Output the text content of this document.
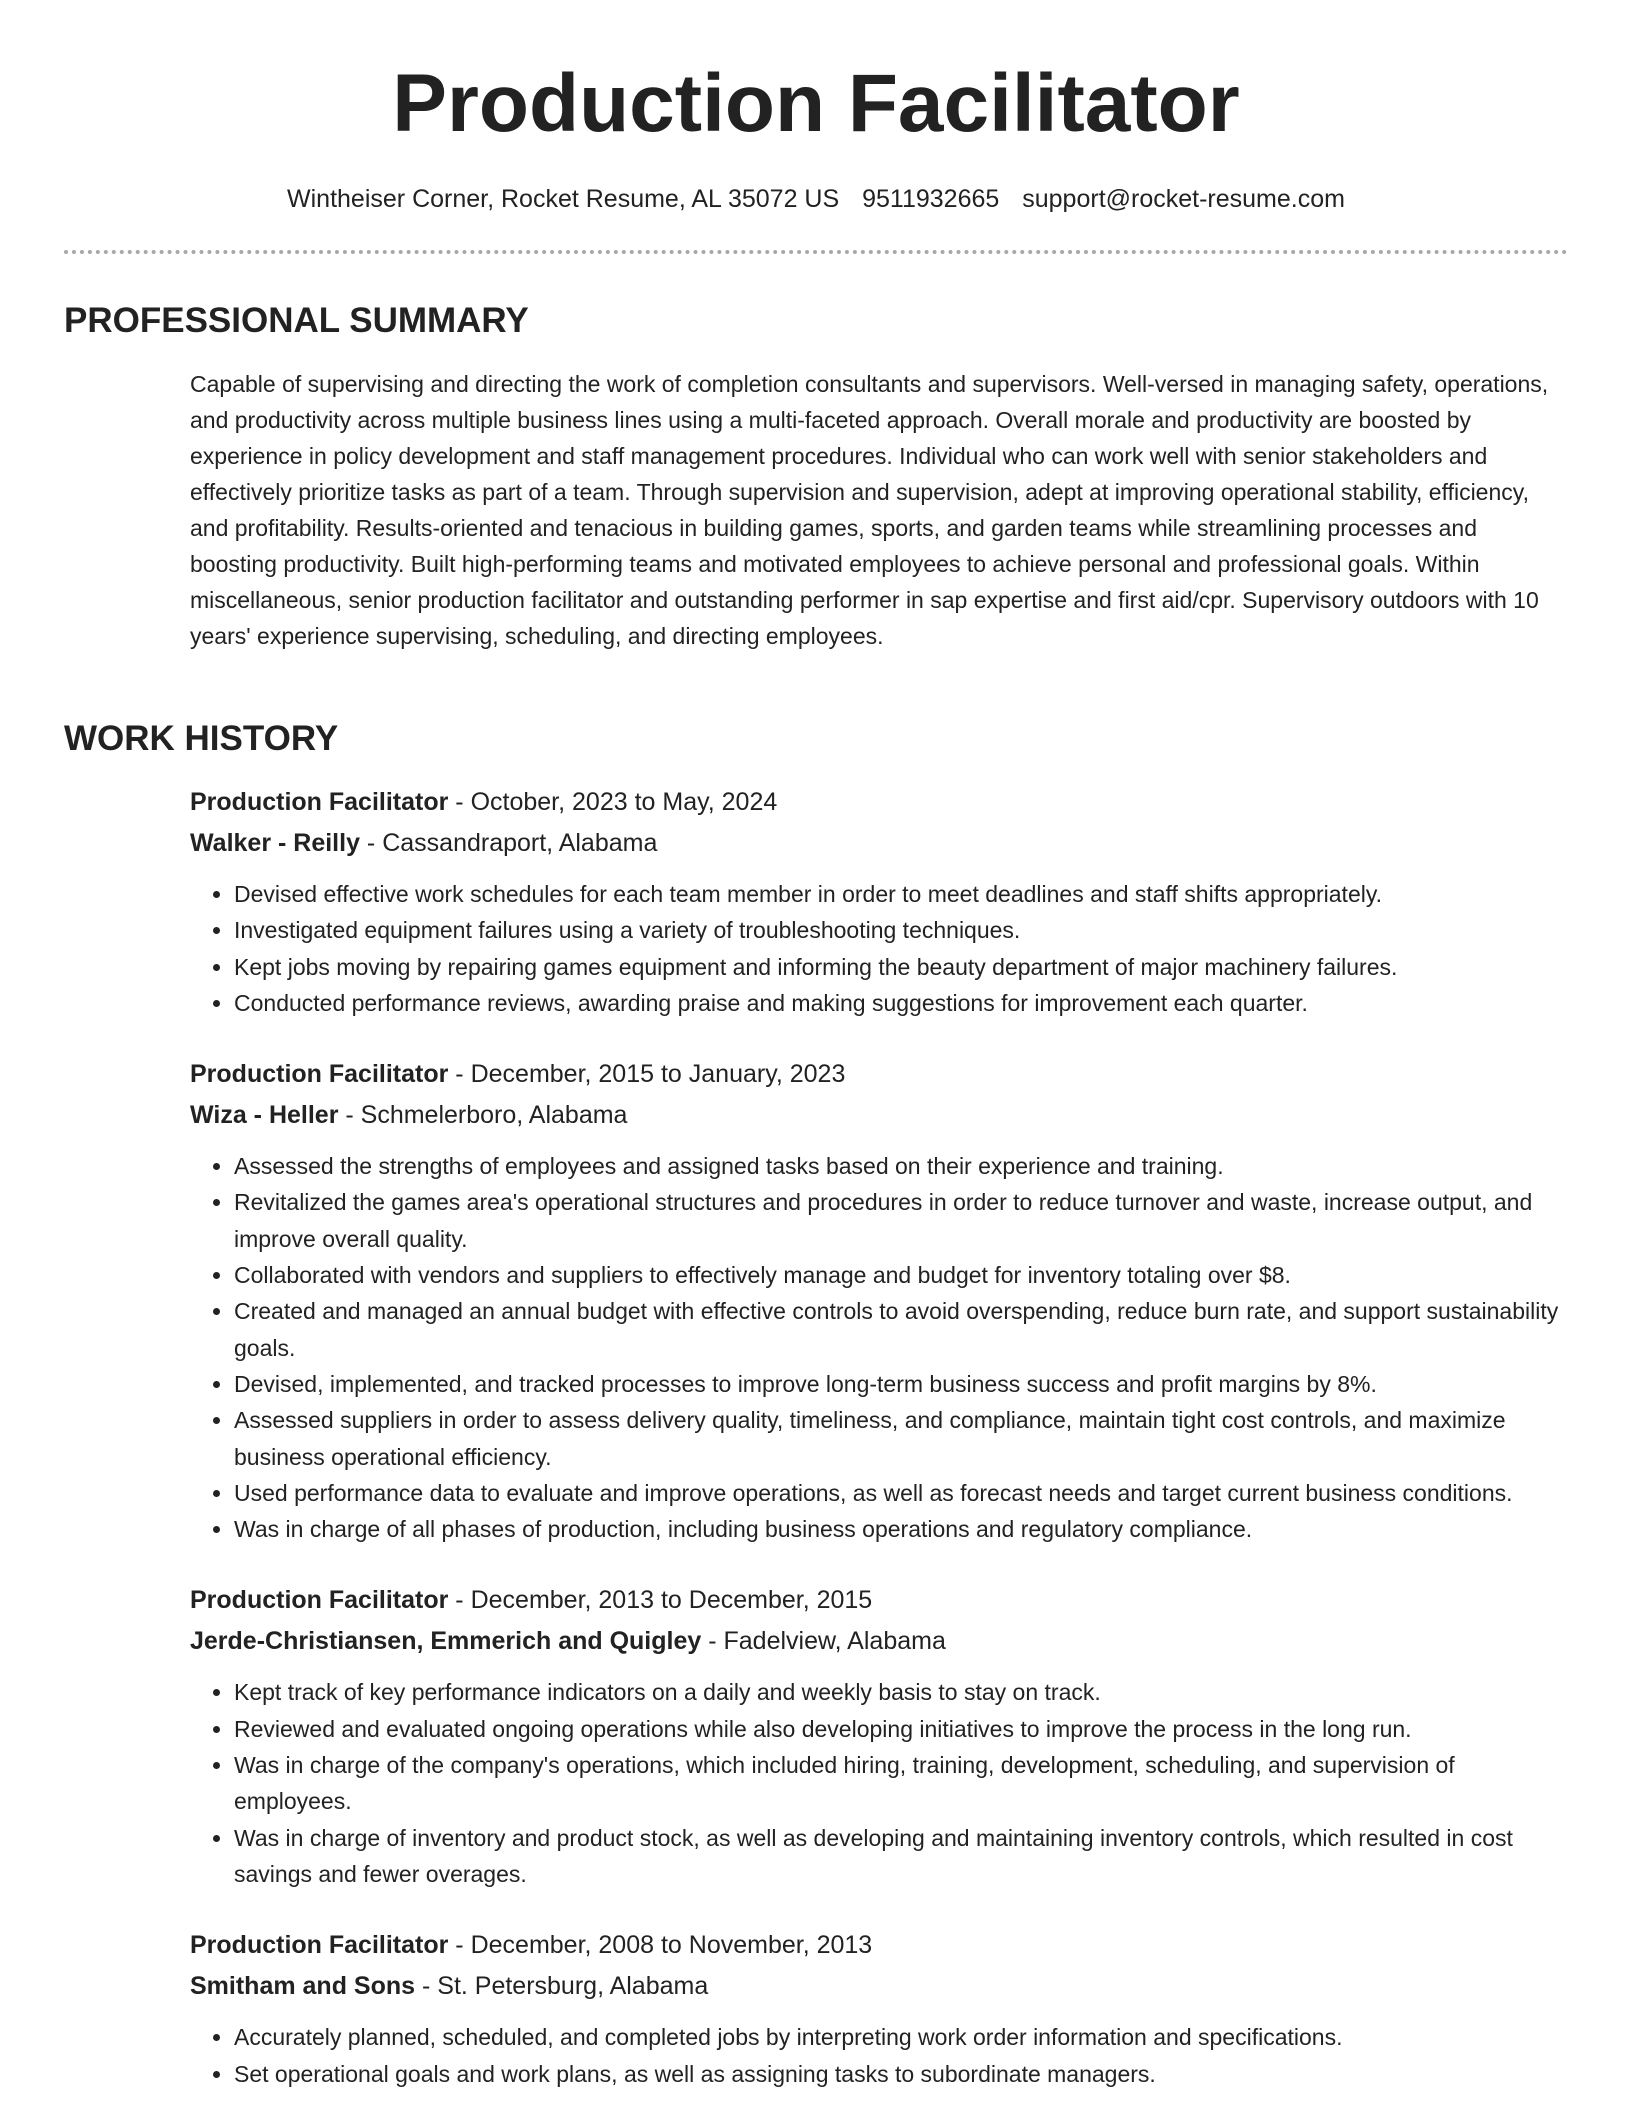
Production Facilitator
Wintheiser Corner, Rocket Resume, AL 35072 US 9511932665 support@rocket-resume.com
PROFESSIONAL SUMMARY

Capable of supervising and directing the work of completion consultants and supervisors. Well-versed in managing safety, operations, and productivity across multiple business lines using a multi-faceted approach. Overall morale and productivity are boosted by experience in policy development and staff management procedures. Individual who can work well with senior stakeholders and effectively prioritize tasks as part of a team. Through supervision and supervision, adept at improving operational stability, efficiency, and profitability. Results-oriented and tenacious in building games, sports, and garden teams while streamlining processes and boosting productivity. Built high-performing teams and motivated employees to achieve personal and professional goals. Within miscellaneous, senior production facilitator and outstanding performer in sap expertise and first aid/cpr. Supervisory outdoors with 10 years' experience supervising, scheduling, and directing employees.

WORK HISTORY
Production Facilitator - October, 2023 to May, 2024
Walker - Reilly - Cassandraport, Alabama
• Devised effective work schedules for each team member in order to meet deadlines and staff shifts appropriately.
• Investigated equipment failures using a variety of troubleshooting techniques.
• Kept jobs moving by repairing games equipment and informing the beauty department of major machinery failures.
• Conducted performance reviews, awarding praise and making suggestions for improvement each quarter.
Production Facilitator - December, 2015 to January, 2023
Wiza - Heller - Schmelerboro, Alabama
• Assessed the strengths of employees and assigned tasks based on their experience and training.
• Revitalized the games area's operational structures and procedures in order to reduce turnover and waste, increase output, and improve overall quality.
• Collaborated with vendors and suppliers to effectively manage and budget for inventory totaling over $8.
• Created and managed an annual budget with effective controls to avoid overspending, reduce burn rate, and support sustainability goals.
• Devised, implemented, and tracked processes to improve long-term business success and profit margins by 8%.
• Assessed suppliers in order to assess delivery quality, timeliness, and compliance, maintain tight cost controls, and maximize business operational efficiency.
• Used performance data to evaluate and improve operations, as well as forecast needs and target current business conditions.
• Was in charge of all phases of production, including business operations and regulatory compliance.
Production Facilitator - December, 2013 to December, 2015
Jerde-Christiansen, Emmerich and Quigley - Fadelview, Alabama
• Kept track of key performance indicators on a daily and weekly basis to stay on track.
• Reviewed and evaluated ongoing operations while also developing initiatives to improve the process in the long run.
• Was in charge of the company's operations, which included hiring, training, development, scheduling, and supervision of employees.
• Was in charge of inventory and product stock, as well as developing and maintaining inventory controls, which resulted in cost savings and fewer overages.
Production Facilitator - December, 2008 to November, 2013
Smitham and Sons - St. Petersburg, Alabama
• Accurately planned, scheduled, and completed jobs by interpreting work order information and specifications.
• Set operational goals and work plans, as well as assigning tasks to subordinate managers.
